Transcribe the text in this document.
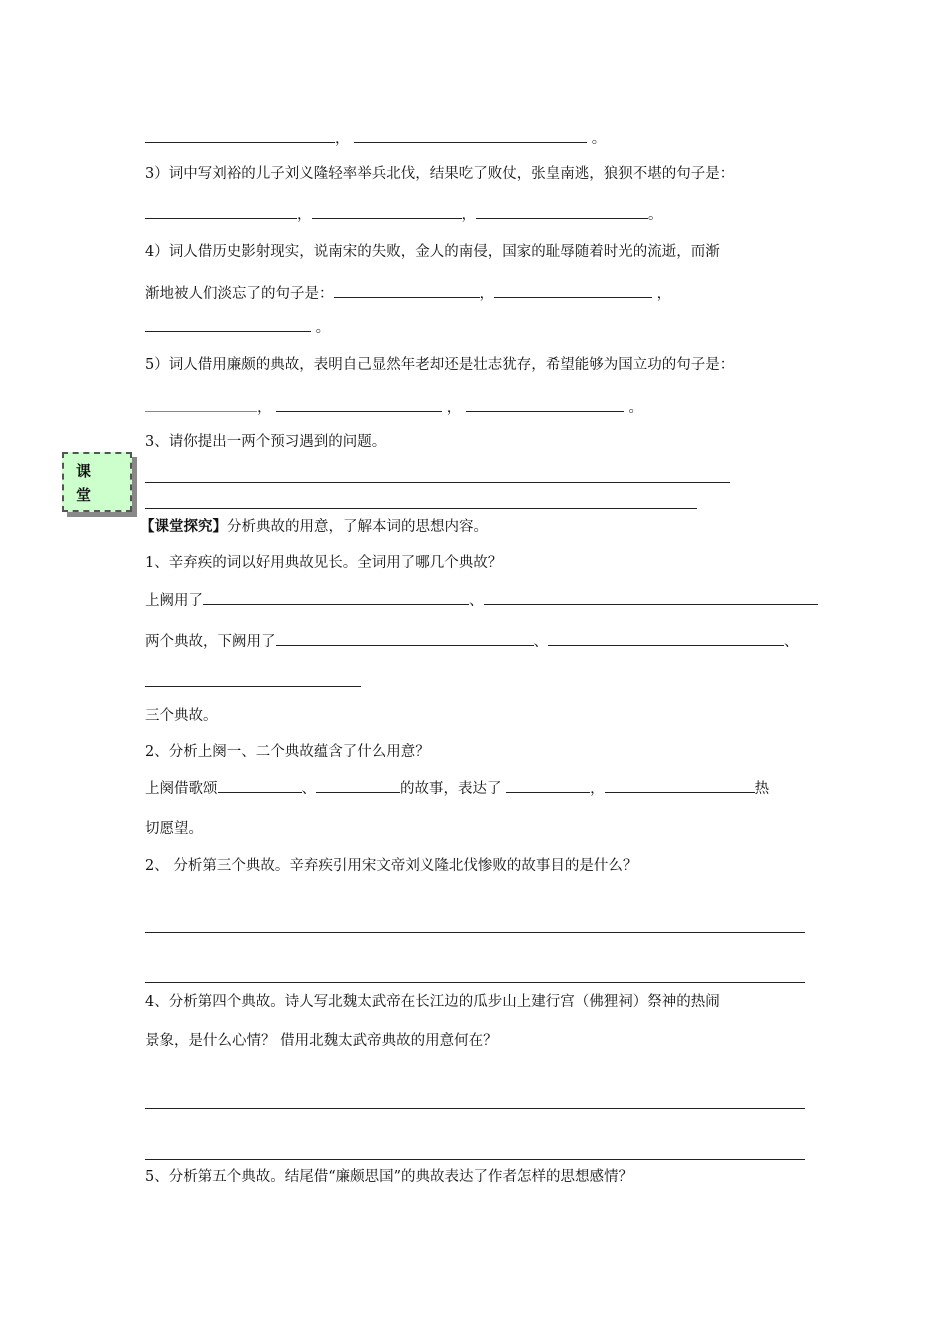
，	。
3）词中写刘裕的儿子刘义隆轻率举兵北伐，结果吃了败仗，张皇南逃，狼狈不堪的句子是：
，	，	。
4）词人借历史影射现实，说南宋的失败，金人的南侵，国家的耻辱随着时光的流逝，而渐
渐地被人们淡忘了的句子是：	，	，
。
5）词人借用廉颇的典故，表明自己显然年老却还是壮志犹存，希望能够为国立功的句子是：
，	，	。
3、请你提出一两个预习遇到的问题。
课
堂
【课堂探究】分析典故的用意，了解本词的思想内容。
1、辛弃疾的词以好用典故见长。全词用了哪几个典故？
上阙用了	、
两个典故，下阙用了	、	、
三个典故。
2、分析上阕一、二个典故蕴含了什么用意？
上阕借歌颂	、	的故事，表达了	，	热
切愿望。
2、 分析第三个典故。辛弃疾引用宋文帝刘义隆北伐惨败的故事目的是什么？
4、分析第四个典故。诗人写北魏太武帝在长江边的瓜步山上建行宫（佛狸祠）祭神的热闹
景象，是什么心情？ 借用北魏太武帝典故的用意何在？
5、分析第五个典故。结尾借“廉颇思国”的典故表达了作者怎样的思想感情？
